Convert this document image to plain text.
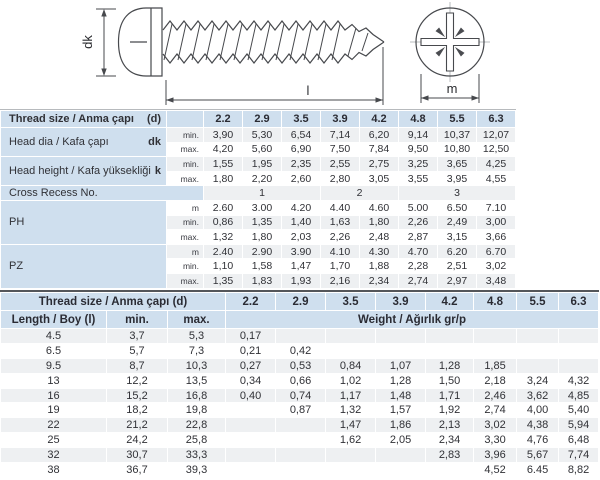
dk
l	m
Thread size / Anma çapı (d)		2.2	2.9	3.5	3.9	4.2	4.8	5.5	6.3

Head dia / Kafa çapı dk	min.	3,90	5,30	6,54	7,14	6,20	9,14	10,37	12,07
	max.	4,20	5,60	6,90	7,50	7,84	9,50	10,80	12,50

Head height / Kafa yüksekliği k	min.	1,55	1,95	2,35	2,55	2,75	3,25	3,65	4,25
	max.	1,80	2,20	2,60	2,80	3,05	3,55	3,95	4,55

Cross Recess No.		1			2		3		

PH	m	2.60	3.00	4.20	4.40	4.60	5.00	6.50	7.10
	min.	0,86	1,35	1,40	1,63	1,80	2,26	2,49	3,00
	max.	1,32	1,80	2,03	2,26	2,48	2,87	3,15	3,66

PZ	m	2.40	2.90	3.90	4.10	4.30	4.70	6.20	6.70
	min.	1,10	1,58	1,47	1,70	1,88	2,28	2,51	3,02
	max.	1,35	1,83	1,93	2,16	2,34	2,74	2,97	3,48
Thread size / Anma çapı (d)			2.2	2.9	3.5	3.9	4.2	4.8	5.5	6.3
Length / Boy (l)	min.	max.	Weight / Ağırlık gr/p							
4.5	3,7	5,3	0,17							
6.5	5,7	7,3	0,21	0,42						
9.5	8,7	10,3	0,27	0,53	0,84	1,07	1,28	1,85		
13	12,2	13,5	0,34	0,66	1,02	1,28	1,50	2,18	3,24	4,32
16	15,2	16,8	0,40	0,74	1,17	1,48	1,71	2,46	3,62	4,85
19	18,2	19,8		0,87	1,32	1,57	1,92	2,74	4,00	5,40
22	21,2	22,8			1,47	1,86	2,13	3,02	4,38	5,94
25	24,2	25,8			1,62	2,05	2,34	3,30	4,76	6,48
32	30,7	33,3					2,83	3,96	5,67	7,74
38	36,7	39,3						4,52	6.45	8,82
